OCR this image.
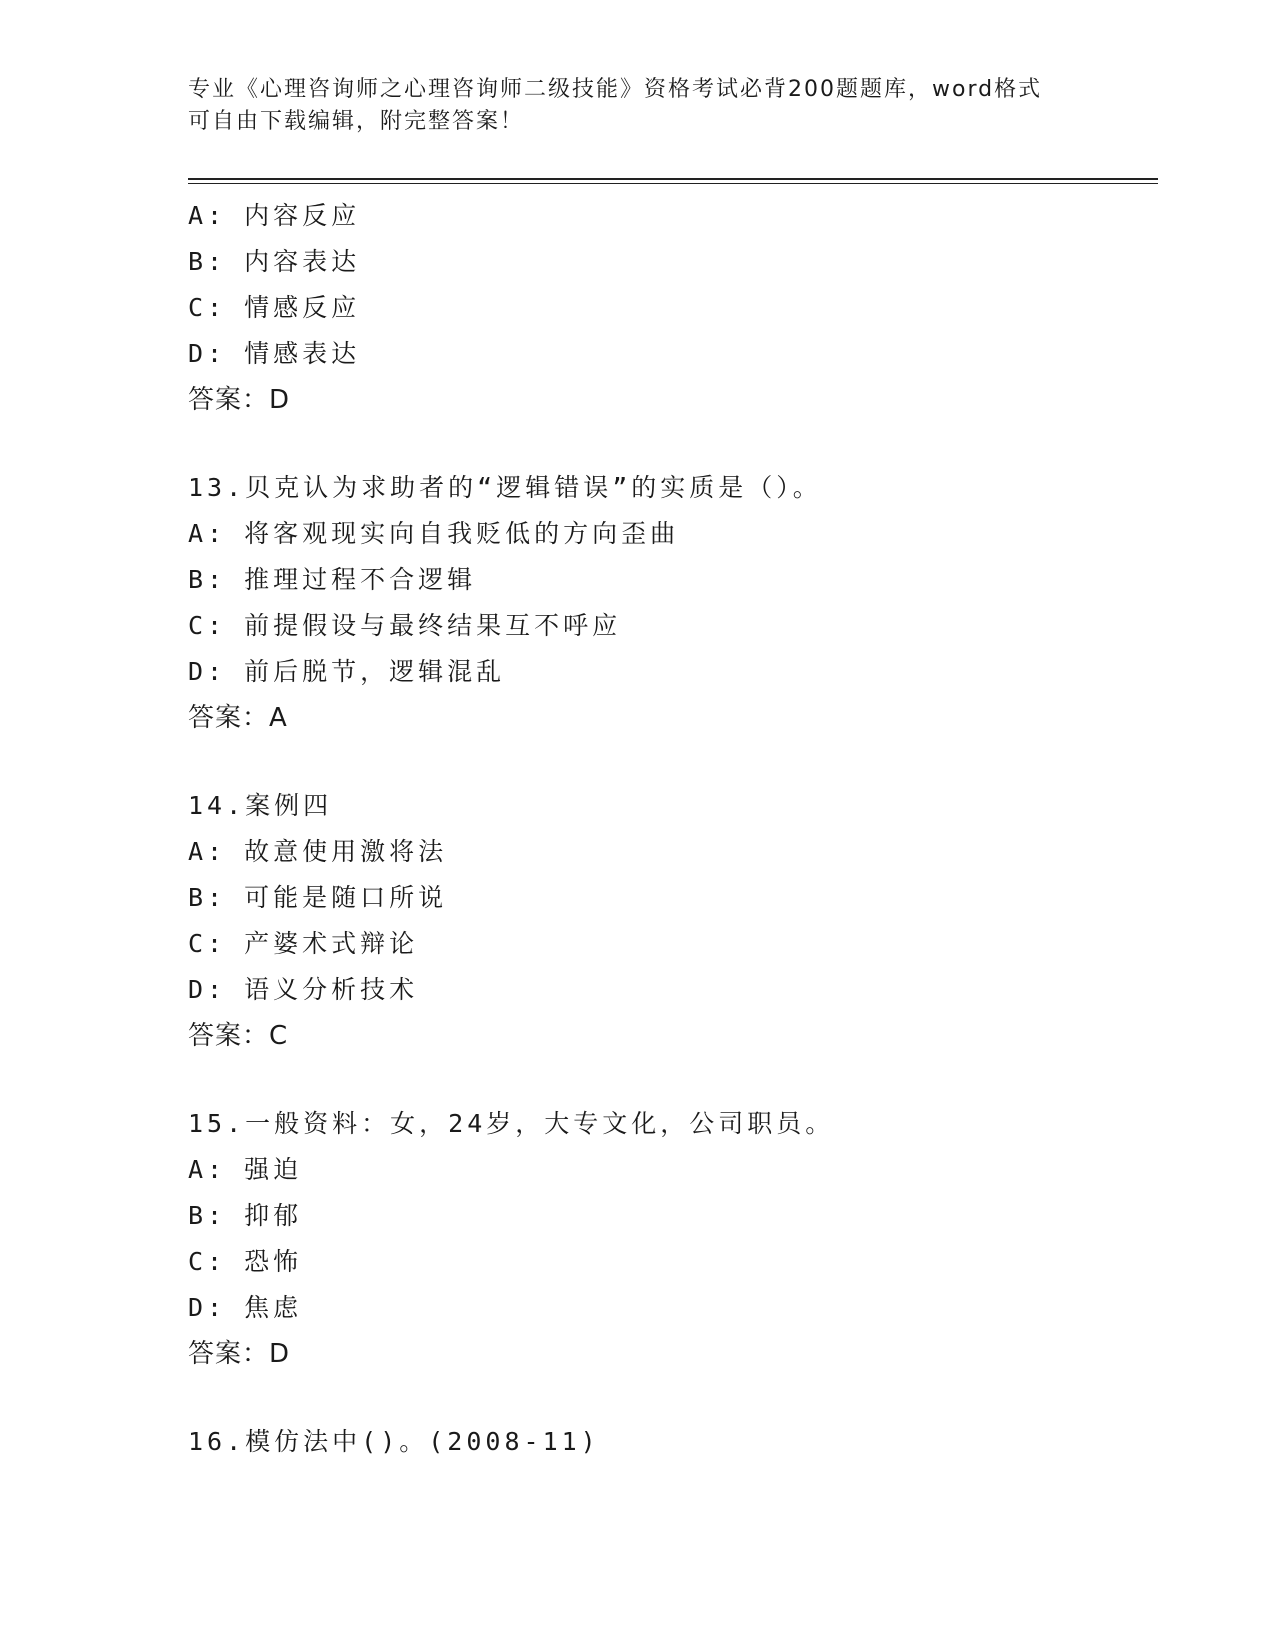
专业《心理咨询师之心理咨询师二级技能》资格考试必背200题题库，word格式
可自由下载编辑，附完整答案！
A: 内容反应
B: 内容表达
C: 情感反应
D: 情感表达
答案：D
13.贝克认为求助者的“逻辑错误”的实质是（）。
A: 将客观现实向自我贬低的方向歪曲
B: 推理过程不合逻辑
C: 前提假设与最终结果互不呼应
D: 前后脱节，逻辑混乱
答案：A
14.案例四
A: 故意使用激将法
B: 可能是随口所说
C: 产婆术式辩论
D: 语义分析技术
答案：C
15.一般资料：女，24岁，大专文化，公司职员。
A: 强迫
B: 抑郁
C: 恐怖
D: 焦虑
答案：D
16.模仿法中()。(2008-11)
